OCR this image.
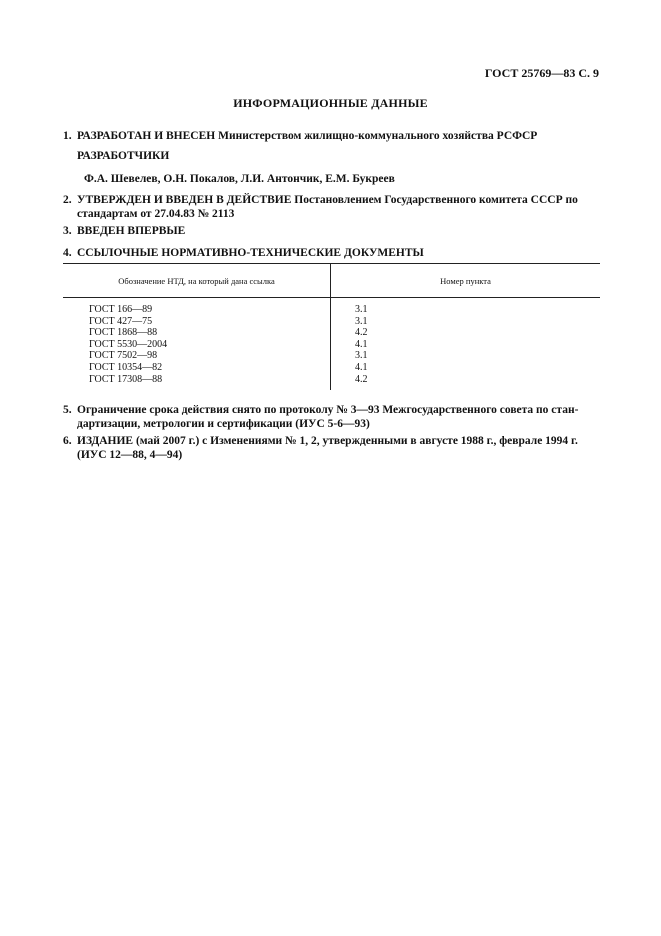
ГОСТ 25769—83 С. 9
ИНФОРМАЦИОННЫЕ ДАННЫЕ
1. РАЗРАБОТАН И ВНЕСЕН Министерством жилищно-коммунального хозяйства РСФСР
РАЗРАБОТЧИКИ
Ф.А. Шевелев, О.Н. Покалов, Л.И. Антончик, Е.М. Букреев
2. УТВЕРЖДЕН И ВВЕДЕН В ДЕЙСТВИЕ Постановлением Государственного комитета СССР по
стандартам от 27.04.83 № 2113
3. ВВЕДЕН ВПЕРВЫЕ
4. ССЫЛОЧНЫЕ НОРМАТИВНО-ТЕХНИЧЕСКИЕ ДОКУМЕНТЫ
Обозначение НТД, на который дана ссылка	Номер пункта
ГОСТ 166—89
ГОСТ 427—75
ГОСТ 1868—88
ГОСТ 5530—2004
ГОСТ 7502—98
ГОСТ 10354—82
ГОСТ 17308—88
3.1
3.1
4.2
4.1
3.1
4.1
4.2
5. Ограничение срока действия снято по протоколу № 3—93 Межгосударственного совета по стан-
дартизации, метрологии и сертификации (ИУС 5-6—93)
6. ИЗДАНИЕ (май 2007 г.) с Изменениями № 1, 2, утвержденными в августе 1988 г., феврале 1994 г.
(ИУС 12—88, 4—94)
